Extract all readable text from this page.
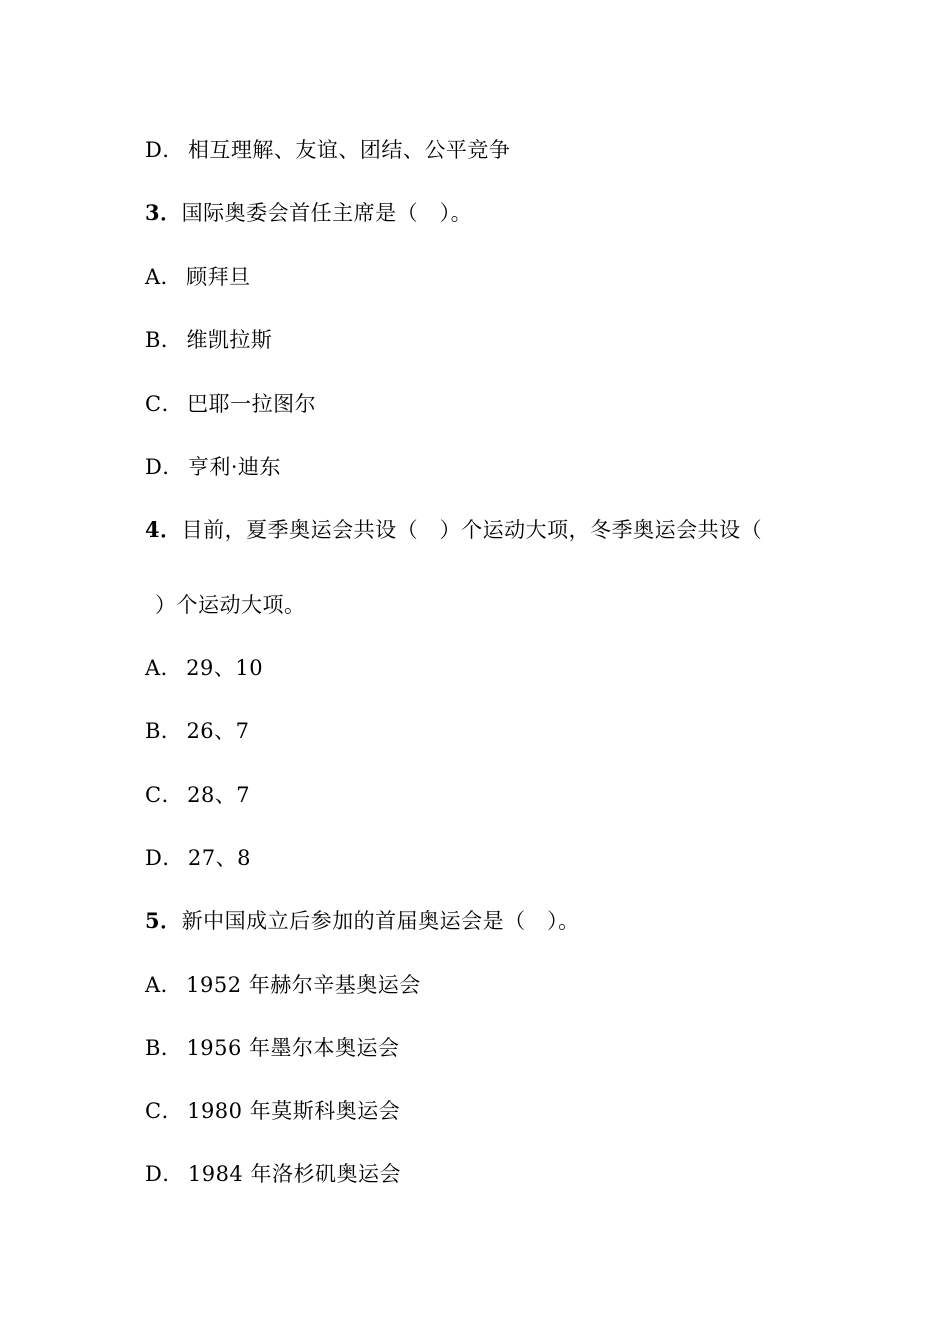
D． 相互理解、友谊、团结、公平竞争
3．国际奥委会首任主席是（　）。
A． 顾拜旦
B． 维凯拉斯
C． 巴耶一拉图尔
D． 亨利·迪东
4．目前，夏季奥运会共设（　）个运动大项，冬季奥运会共设（
）个运动大项。
A． 29、10
B． 26、7
C． 28、7
D． 27、8
5．新中国成立后参加的首届奥运会是（　）。
A． 1952 年赫尔辛基奥运会
B． 1956 年墨尔本奥运会
C． 1980 年莫斯科奥运会
D． 1984 年洛杉矶奥运会
